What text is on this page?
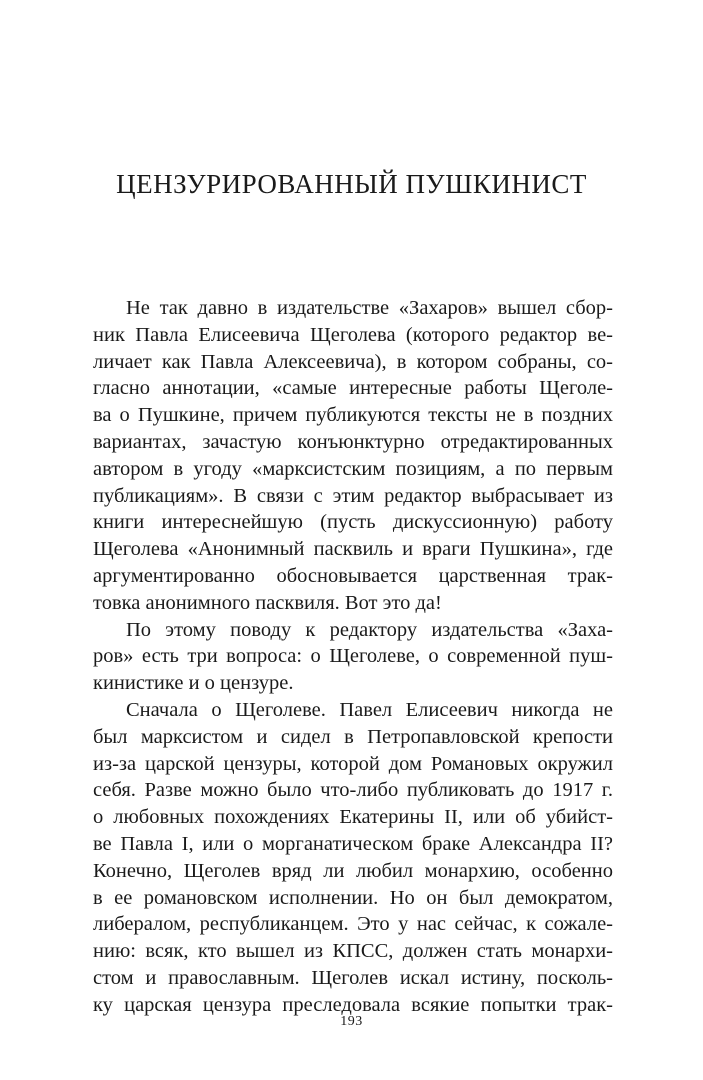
ЦЕНЗУРИРОВАННЫЙ ПУШКИНИСТ
Не так давно в издательстве «Захаров» вышел сбор-
ник Павла Елисеевича Щеголева (которого редактор ве-
личает как Павла Алексеевича), в котором собраны, со-
гласно аннотации, «самые интересные работы Щеголе-
ва о Пушкине, причем публикуются тексты не в поздних
вариантах, зачастую конъюнктурно отредактированных
автором в угоду «марксистским позициям, а по первым
публикациям». В связи с этим редактор выбрасывает из
книги интереснейшую (пусть дискуссионную) работу
Щеголева «Анонимный пасквиль и враги Пушкина», где
аргументированно обосновывается царственная трак-
товка анонимного пасквиля. Вот это да!
По этому поводу к редактору издательства «Заха-
ров» есть три вопроса: о Щеголеве, о современной пуш-
кинистике и о цензуре.
Сначала о Щеголеве. Павел Елисеевич никогда не
был марксистом и сидел в Петропавловской крепости
из-за царской цензуры, которой дом Романовых окружил
себя. Разве можно было что-либо публиковать до 1917 г.
о любовных похождениях Екатерины II, или об убийст-
ве Павла I, или о морганатическом браке Александра II?
Конечно, Щеголев вряд ли любил монархию, особенно
в ее романовском исполнении. Но он был демократом,
либералом, республиканцем. Это у нас сейчас, к сожале-
нию: всяк, кто вышел из КПСС, должен стать монархи-
стом и православным. Щеголев искал истину, посколь-
ку царская цензура преследовала всякие попытки трак-
193
